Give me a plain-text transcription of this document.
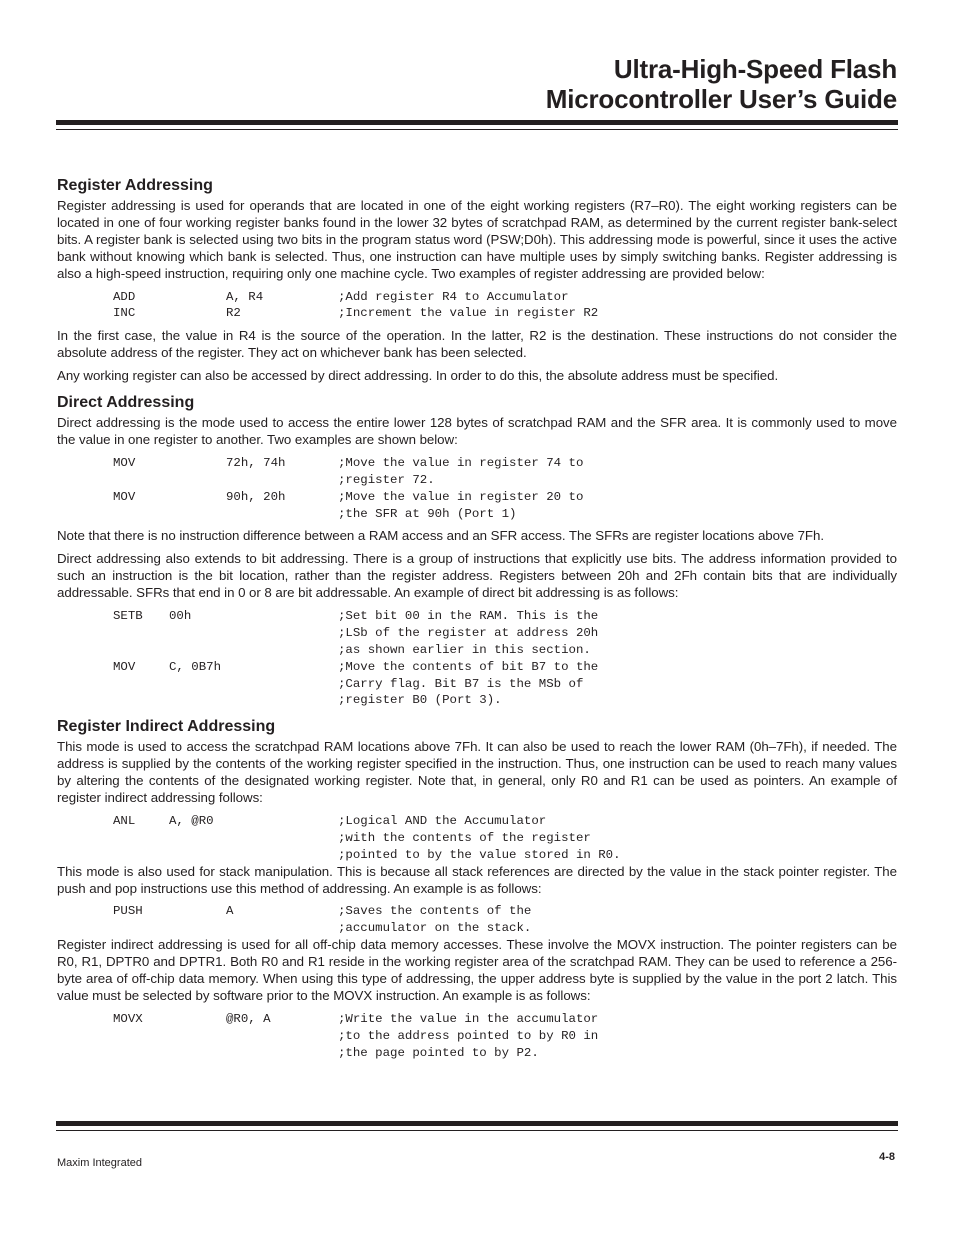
Ultra-High-Speed Flash
Microcontroller User’s Guide
Register Addressing

Register addressing is used for operands that are located in one of the eight working registers (R7–R0). The eight working registers can be located in one of four working register banks found in the lower 32 bytes of scratchpad RAM, as determined by the current register bank-select bits. A register bank is selected using two bits in the program status word (PSW;D0h). This addressing mode is powerful, since it uses the active bank without knowing which bank is selected. Thus, one instruction can have multiple uses by simply switching banks. Register addressing is also a high-speed instruction, requiring only one machine cycle. Two examples of register addressing are provided below:

ADD	A, R4	;Add register R4 to Accumulator
INC	R2	;Increment the value in register R2

In the first case, the value in R4 is the source of the operation. In the latter, R2 is the destination. These instructions do not consider the absolute address of the register. They act on whichever bank has been selected.

Any working register can also be accessed by direct addressing. In order to do this, the absolute address must be specified.

Direct Addressing

Direct addressing is the mode used to access the entire lower 128 bytes of scratchpad RAM and the SFR area. It is commonly used to move the value in one register to another. Two examples are shown below:

MOV	72h, 74h	;Move the value in register 74 to
;register 72.
MOV	90h, 20h	;Move the value in register 20 to
;the SFR at 90h (Port 1)

Note that there is no instruction difference between a RAM access and an SFR access. The SFRs are register locations above 7Fh.

Direct addressing also extends to bit addressing. There is a group of instructions that explicitly use bits. The address information provided to such an instruction is the bit location, rather than the register address. Registers between 20h and 2Fh contain bits that are individually addressable. SFRs that end in 0 or 8 are bit addressable. An example of direct bit addressing is as follows:

SETB 00h	;Set bit 00 in the RAM. This is the
;LSb of the register at address 20h
;as shown earlier in this section.
MOV	C, 0B7h	;Move the contents of bit B7 to the
;Carry flag. Bit B7 is the MSb of
;register B0 (Port 3).
Register Indirect Addressing

This mode is used to access the scratchpad RAM locations above 7Fh. It can also be used to reach the lower RAM (0h–7Fh), if needed. The address is supplied by the contents of the working register specified in the instruction. Thus, one instruction can be used to reach many values by altering the contents of the designated working register. Note that, in general, only R0 and R1 can be used as pointers. An example of register indirect addressing follows:

ANL	A, @R0	;Logical AND the Accumulator
;with the contents of the register
;pointed to by the value stored in R0.

This mode is also used for stack manipulation. This is because all stack references are directed by the value in the stack pointer register. The push and pop instructions use this method of addressing. An example is as follows:

PUSH	A	;Saves the contents of the
;accumulator on the stack.

Register indirect addressing is used for all off-chip data memory accesses. These involve the MOVX instruction. The pointer registers can be R0, R1, DPTR0 and DPTR1. Both R0 and R1 reside in the working register area of the scratchpad RAM. They can be used to reference a 256-byte area of off-chip data memory. When using this type of addressing, the upper address byte is supplied by the value in the port 2 latch. This value must be selected by software prior to the MOVX instruction. An example is as follows:

MOVX	@R0, A	;Write the value in the accumulator
;to the address pointed to by R0 in
;the page pointed to by P2.
Maxim Integrated	4-8
